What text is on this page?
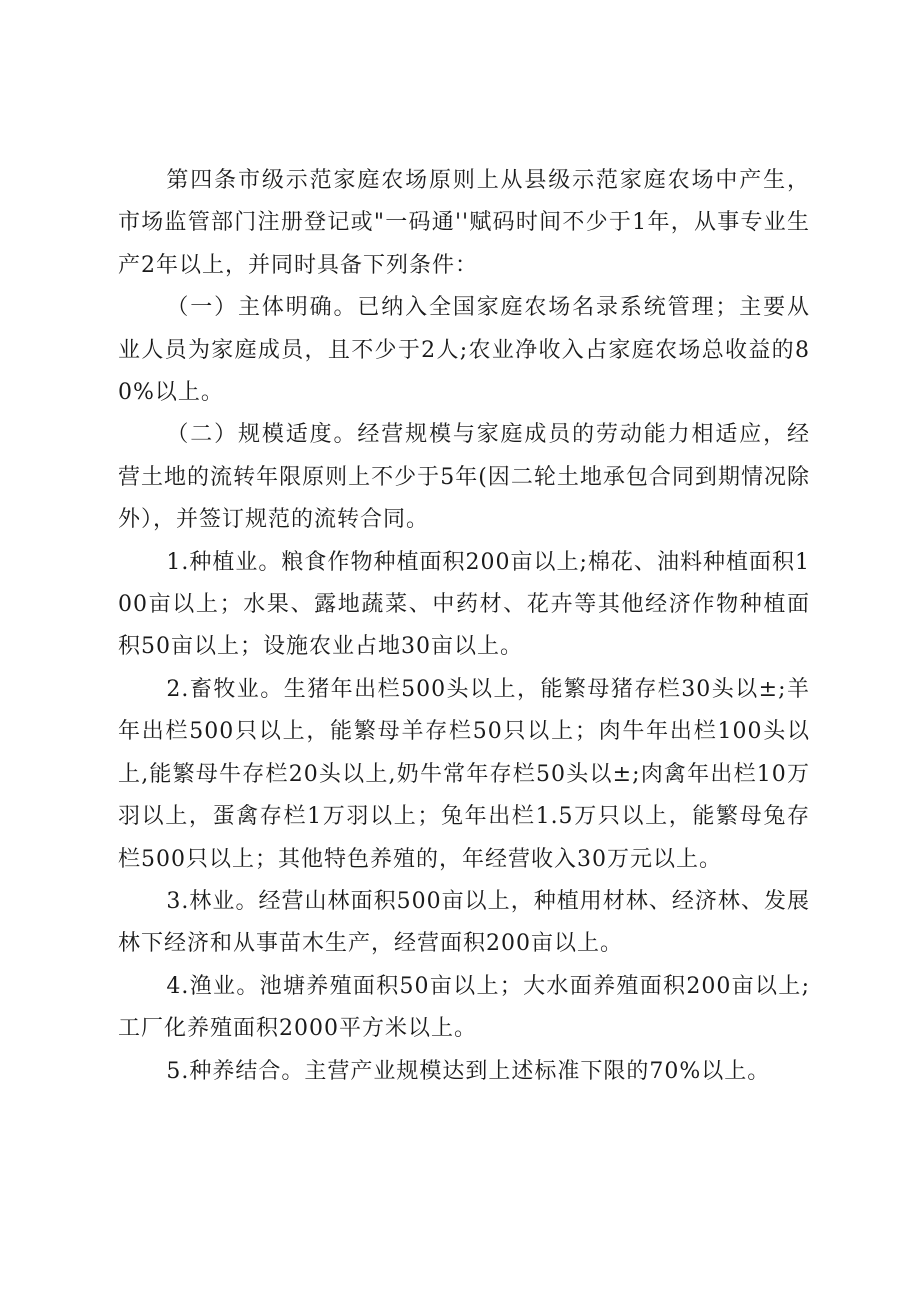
第四条市级示范家庭农场原则上从县级示范家庭农场中产生，市场监管部门注册登记或"一码通''赋码时间不少于1年，从事专业生产2年以上，并同时具备下列条件：

（一）主体明确。已纳入全国家庭农场名录系统管理；主要从业人员为家庭成员，且不少于2人;农业净收入占家庭农场总收益的80%以上。

（二）规模适度。经营规模与家庭成员的劳动能力相适应，经营土地的流转年限原则上不少于5年(因二轮土地承包合同到期情况除外），并签订规范的流转合同。

1.种植业。粮食作物种植面积200亩以上;棉花、油料种植面积100亩以上；水果、露地蔬菜、中药材、花卉等其他经济作物种植面积50亩以上；设施农业占地30亩以上。

2.畜牧业。生猪年出栏500头以上，能繁母猪存栏30头以±;羊年出栏500只以上，能繁母羊存栏50只以上；肉牛年出栏100头以上,能繁母牛存栏20头以上,奶牛常年存栏50头以±;肉禽年出栏10万羽以上，蛋禽存栏1万羽以上；兔年出栏1.5万只以上，能繁母兔存栏500只以上；其他特色养殖的，年经营收入30万元以上。

3.林业。经营山林面积500亩以上，种植用材林、经济林、发展林下经济和从事苗木生产，经营面积200亩以上。

4.渔业。池塘养殖面积50亩以上；大水面养殖面积200亩以上;工厂化养殖面积2000平方米以上。

5.种养结合。主营产业规模达到上述标准下限的70%以上。
